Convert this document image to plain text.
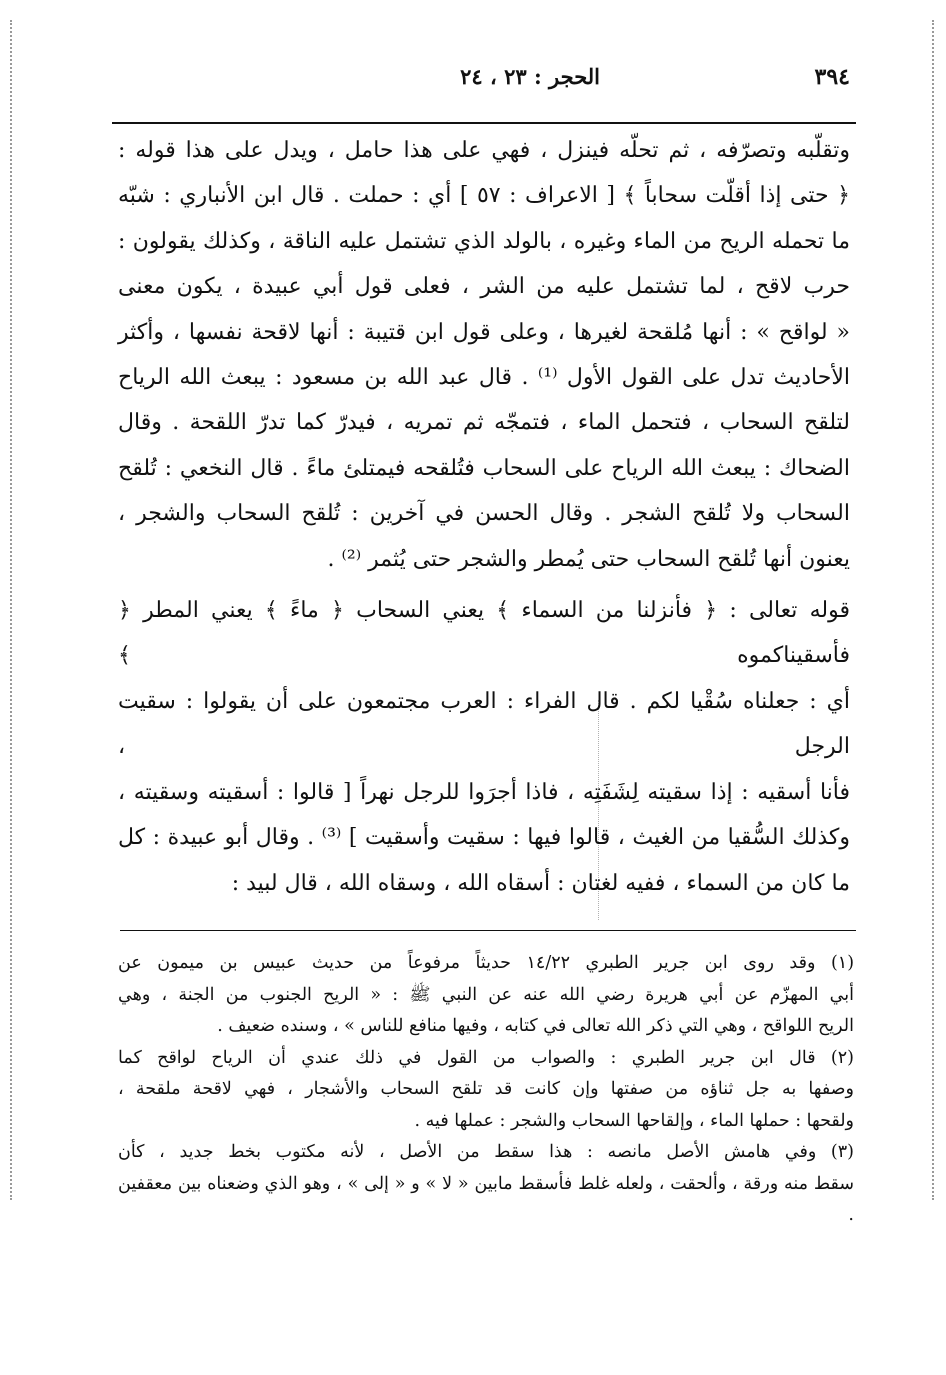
٣٩٤
الحجر : ٢٣ ، ٢٤

وتقلّبه وتصرّفه ، ثم تحلّه فينزل ، فهي على هذا حامل ، ويدل على هذا قوله :

﴿ حتى إذا أقلّت سحاباً ﴾ [ الاعراف : ٥٧ ] أي : حملت . قال ابن الأنباري : شبّه

ما تحمله الريح من الماء وغيره ، بالولد الذي تشتمل عليه الناقة ، وكذلك يقولون :

حرب لاقح ، لما تشتمل عليه من الشر ، فعلى قول أبي عبيدة ، يكون معنى

« لواقح » : أنها مُلقحة لغيرها ، وعلى قول ابن قتيبة : أنها لاقحة نفسها ، وأكثر

الأحاديث تدل على القول الأول ⁽¹⁾ . قال عبد الله بن مسعود : يبعث الله الرياح

لتلقح السحاب ، فتحمل الماء ، فتمجّه ثم تمريه ، فيدرّ كما تدرّ اللقحة . وقال

الضحاك : يبعث الله الرياح على السحاب فتُلقحه فيمتلئ ماءً . قال النخعي : تُلقح

السحاب ولا تُلقح الشجر . وقال الحسن في آخرين : تُلقح السحاب والشجر ،

يعنون أنها تُلقح السحاب حتى يُمطر والشجر حتى يُثمر ⁽²⁾ .

قوله تعالى : ﴿ فأنزلنا من السماء ﴾ يعني السحاب ﴿ ماءً ﴾ يعني المطر ﴿ فأسقيناكموه ﴾

أي : جعلناه سُقْيا لكم . قال الفراء : العرب مجتمعون على أن يقولوا : سقيت الرجل ،

فأنا أسقيه : إذا سقيته لِشَفَتِه ، فاذا أجرَوا للرجل نهراً [ قالوا : أسقيته وسقيته ،

وكذلك السُّقيا من الغيث ، قالوا فيها : سقيت وأسقيت ] ⁽³⁾ . وقال أبو عبيدة : كل

ما كان من السماء ، ففيه لغتان : أسقاه الله ، وسقاه الله ، قال لبيد :

(١) وقد روى ابن جرير الطبري ١٤/٢٢ حديثاً مرفوعاً من حديث عبيس بن ميمون عن

أبي المهزّم عن أبي هريرة رضي الله عنه عن النبي ﷺ : « الريح الجنوب من الجنة ، وهي

الريح اللواقح ، وهي التي ذكر الله تعالى في كتابه ، وفيها منافع للناس » ، وسنده ضعيف .

(٢) قال ابن جرير الطبري : والصواب من القول في ذلك عندي أن الرياح لواقح كما

وصفها به جل ثناؤه من صفتها وإن كانت قد تلقح السحاب والأشجار ، فهي لاقحة ملقحة ،

ولقحها : حملها الماء ، وإلقاحها السحاب والشجر : عملها فيه .

(٣) وفي هامش الأصل مانصه : هذا سقط من الأصل ، لأنه مكتوب بخط جديد ، كأن

سقط منه ورقة ، وألحقت ، ولعله غلط فأسقط مابين « لا » و « إلى » ، وهو الذي وضعناه بين معقفين .
